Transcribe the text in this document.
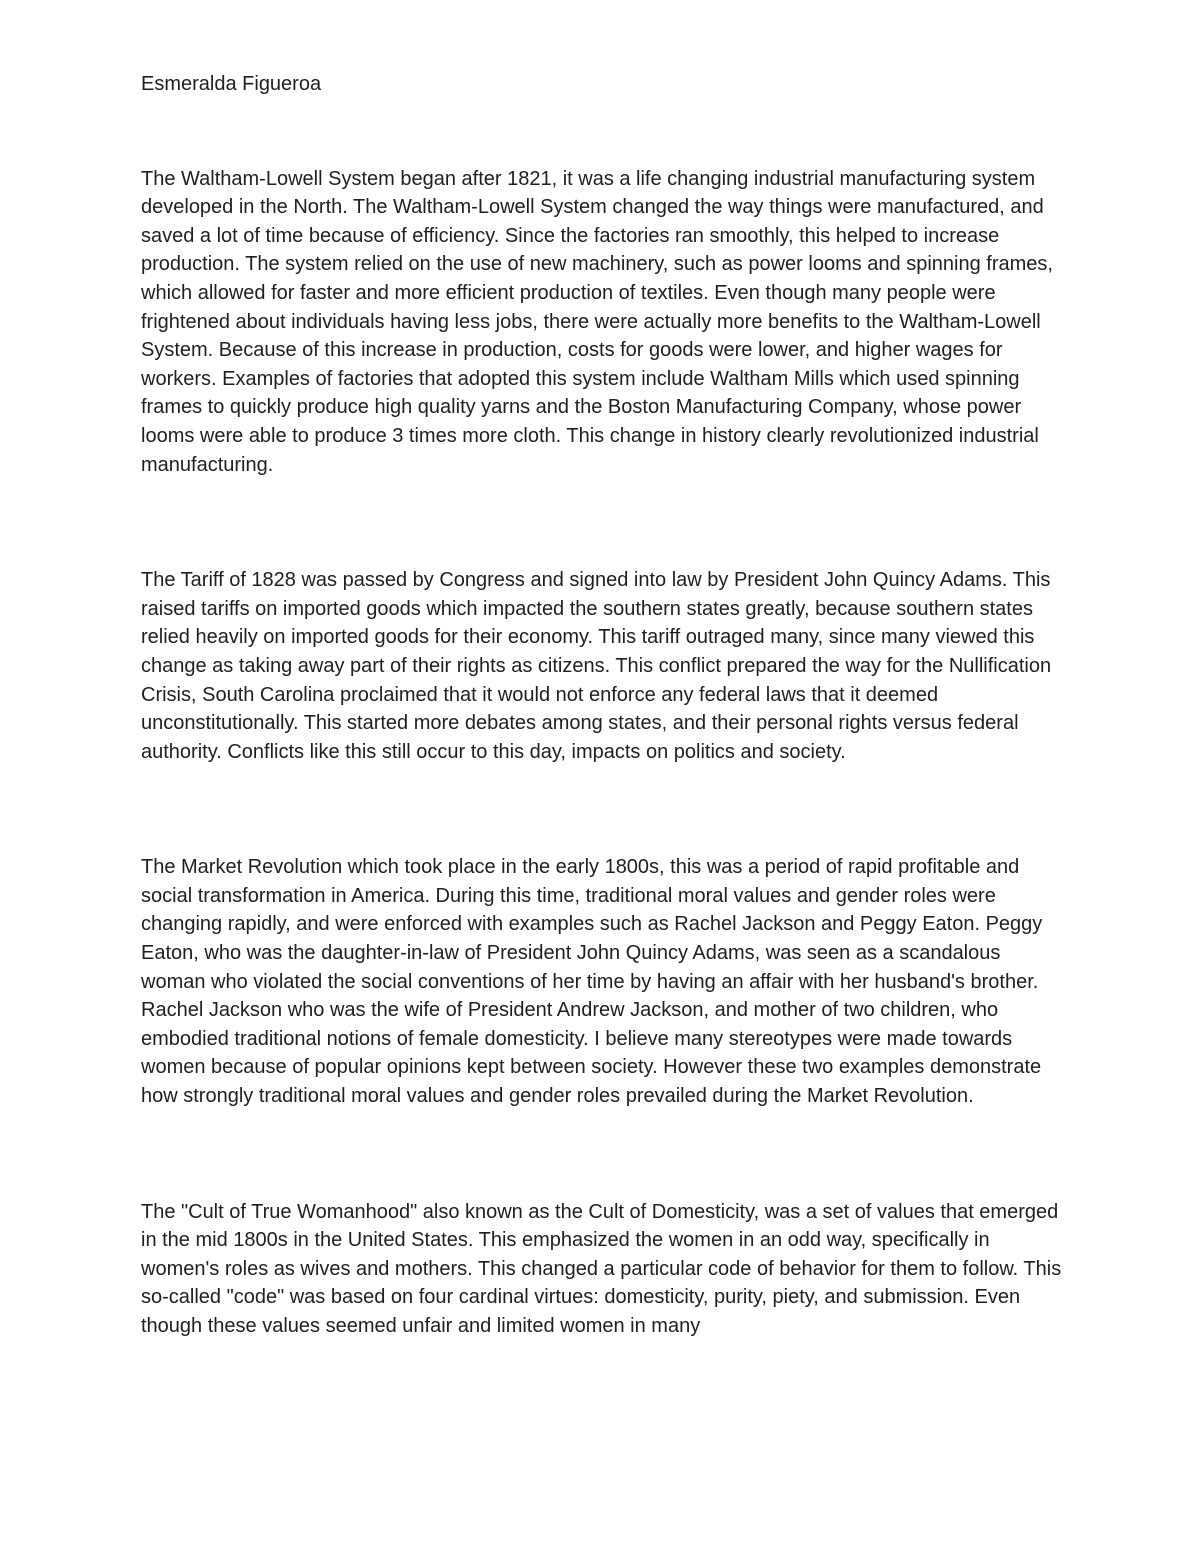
Esmeralda Figueroa

The Waltham-Lowell System began after 1821, it was a life changing industrial manufacturing system developed in the North. The Waltham-Lowell System changed the way things were manufactured, and saved a lot of time because of efficiency. Since the factories ran smoothly, this helped to increase production. The system relied on the use of new machinery, such as power looms and spinning frames, which allowed for faster and more efficient production of textiles. Even though many people were frightened about individuals having less jobs, there were actually more benefits to the Waltham-Lowell System. Because of this increase in production, costs for goods were lower, and higher wages for workers. Examples of factories that adopted this system include Waltham Mills which used spinning frames to quickly produce high quality yarns and the Boston Manufacturing Company, whose power looms were able to produce 3 times more cloth. This change in history clearly revolutionized industrial manufacturing.

The Tariff of 1828 was passed by Congress and signed into law by President John Quincy Adams. This raised tariffs on imported goods which impacted the southern states greatly, because southern states relied heavily on imported goods for their economy. This tariff outraged many, since many viewed this change as taking away part of their rights as citizens. This conflict prepared the way for the Nullification Crisis, South Carolina proclaimed that it would not enforce any federal laws that it deemed unconstitutionally. This started more debates among states, and their personal rights versus federal authority. Conflicts like this still occur to this day, impacts on politics and society.

The Market Revolution which took place in the early 1800s, this was a period of rapid profitable and social transformation in America. During this time, traditional moral values and gender roles were changing rapidly, and were enforced with examples such as Rachel Jackson and Peggy Eaton. Peggy Eaton, who was the daughter-in-law of President John Quincy Adams, was seen as a scandalous woman who violated the social conventions of her time by having an affair with her husband's brother. Rachel Jackson who was the wife of President Andrew Jackson, and mother of two children, who embodied traditional notions of female domesticity. I believe many stereotypes were made towards women because of popular opinions kept between society. However these two examples demonstrate how strongly traditional moral values and gender roles prevailed during the Market Revolution.

The "Cult of True Womanhood" also known as the Cult of Domesticity, was a set of values that emerged in the mid 1800s in the United States. This emphasized the women in an odd way, specifically in women's roles as wives and mothers. This changed a particular code of behavior for them to follow. This so-called "code" was based on four cardinal virtues: domesticity, purity, piety, and submission. Even though these values seemed unfair and limited women in many
